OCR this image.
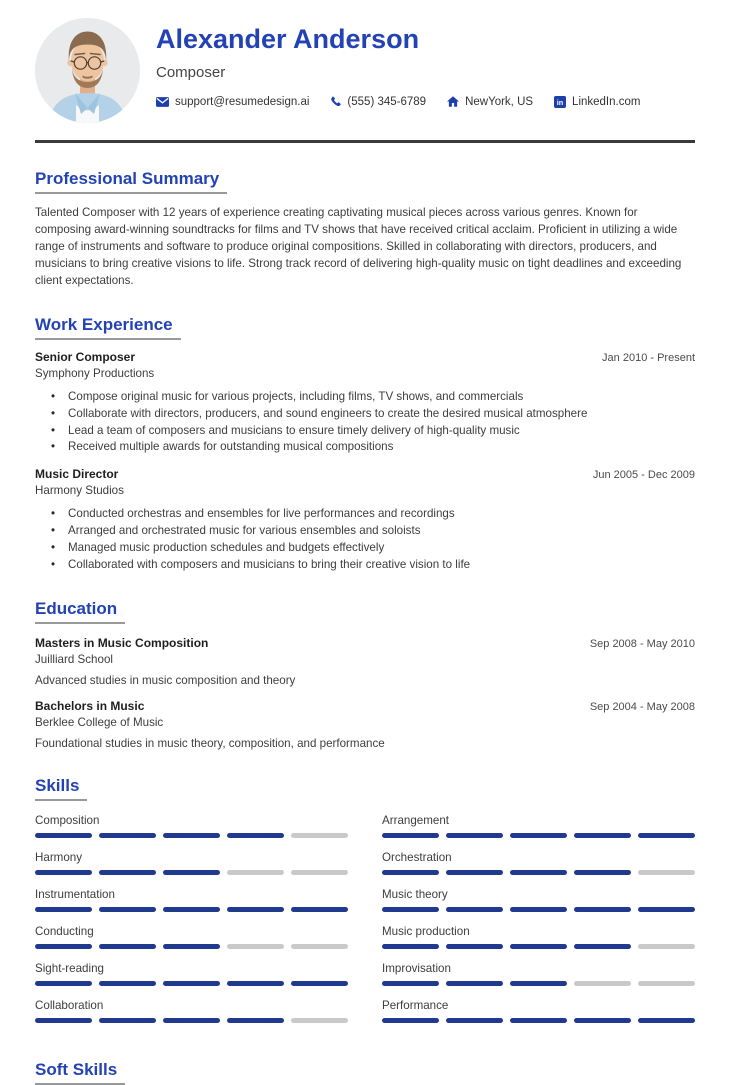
Alexander Anderson
Composer
support@resumedesign.ai	(555) 345-6789	NewYork, US	in LinkedIn.com
Professional Summary

Talented Composer with 12 years of experience creating captivating musical pieces across various genres. Known for composing award-winning soundtracks for films and TV shows that have received critical acclaim. Proficient in utilizing a wide range of instruments and software to produce original compositions. Skilled in collaborating with directors, producers, and musicians to bring creative visions to life. Strong track record of delivering high-quality music on tight deadlines and exceeding client expectations.

Work Experience
Senior Composer	Jan 2010 - Present
Symphony Productions
• Compose original music for various projects, including films, TV shows, and commercials
• Collaborate with directors, producers, and sound engineers to create the desired musical atmosphere
• Lead a team of composers and musicians to ensure timely delivery of high-quality music
• Received multiple awards for outstanding musical compositions
Music Director	Jun 2005 - Dec 2009
Harmony Studios
• Conducted orchestras and ensembles for live performances and recordings
• Arranged and orchestrated music for various ensembles and soloists
• Managed music production schedules and budgets effectively
• Collaborated with composers and musicians to bring their creative vision to life
Education
Masters in Music Composition	Sep 2008 - May 2010
Juilliard School
Advanced studies in music composition and theory
Bachelors in Music	Sep 2004 - May 2008
Berklee College of Music
Foundational studies in music theory, composition, and performance
Skills
Composition	Arrangement
Harmony	Orchestration
Instrumentation	Music theory
Conducting	Music production
Sight-reading	Improvisation
Collaboration	Performance
Soft Skills
